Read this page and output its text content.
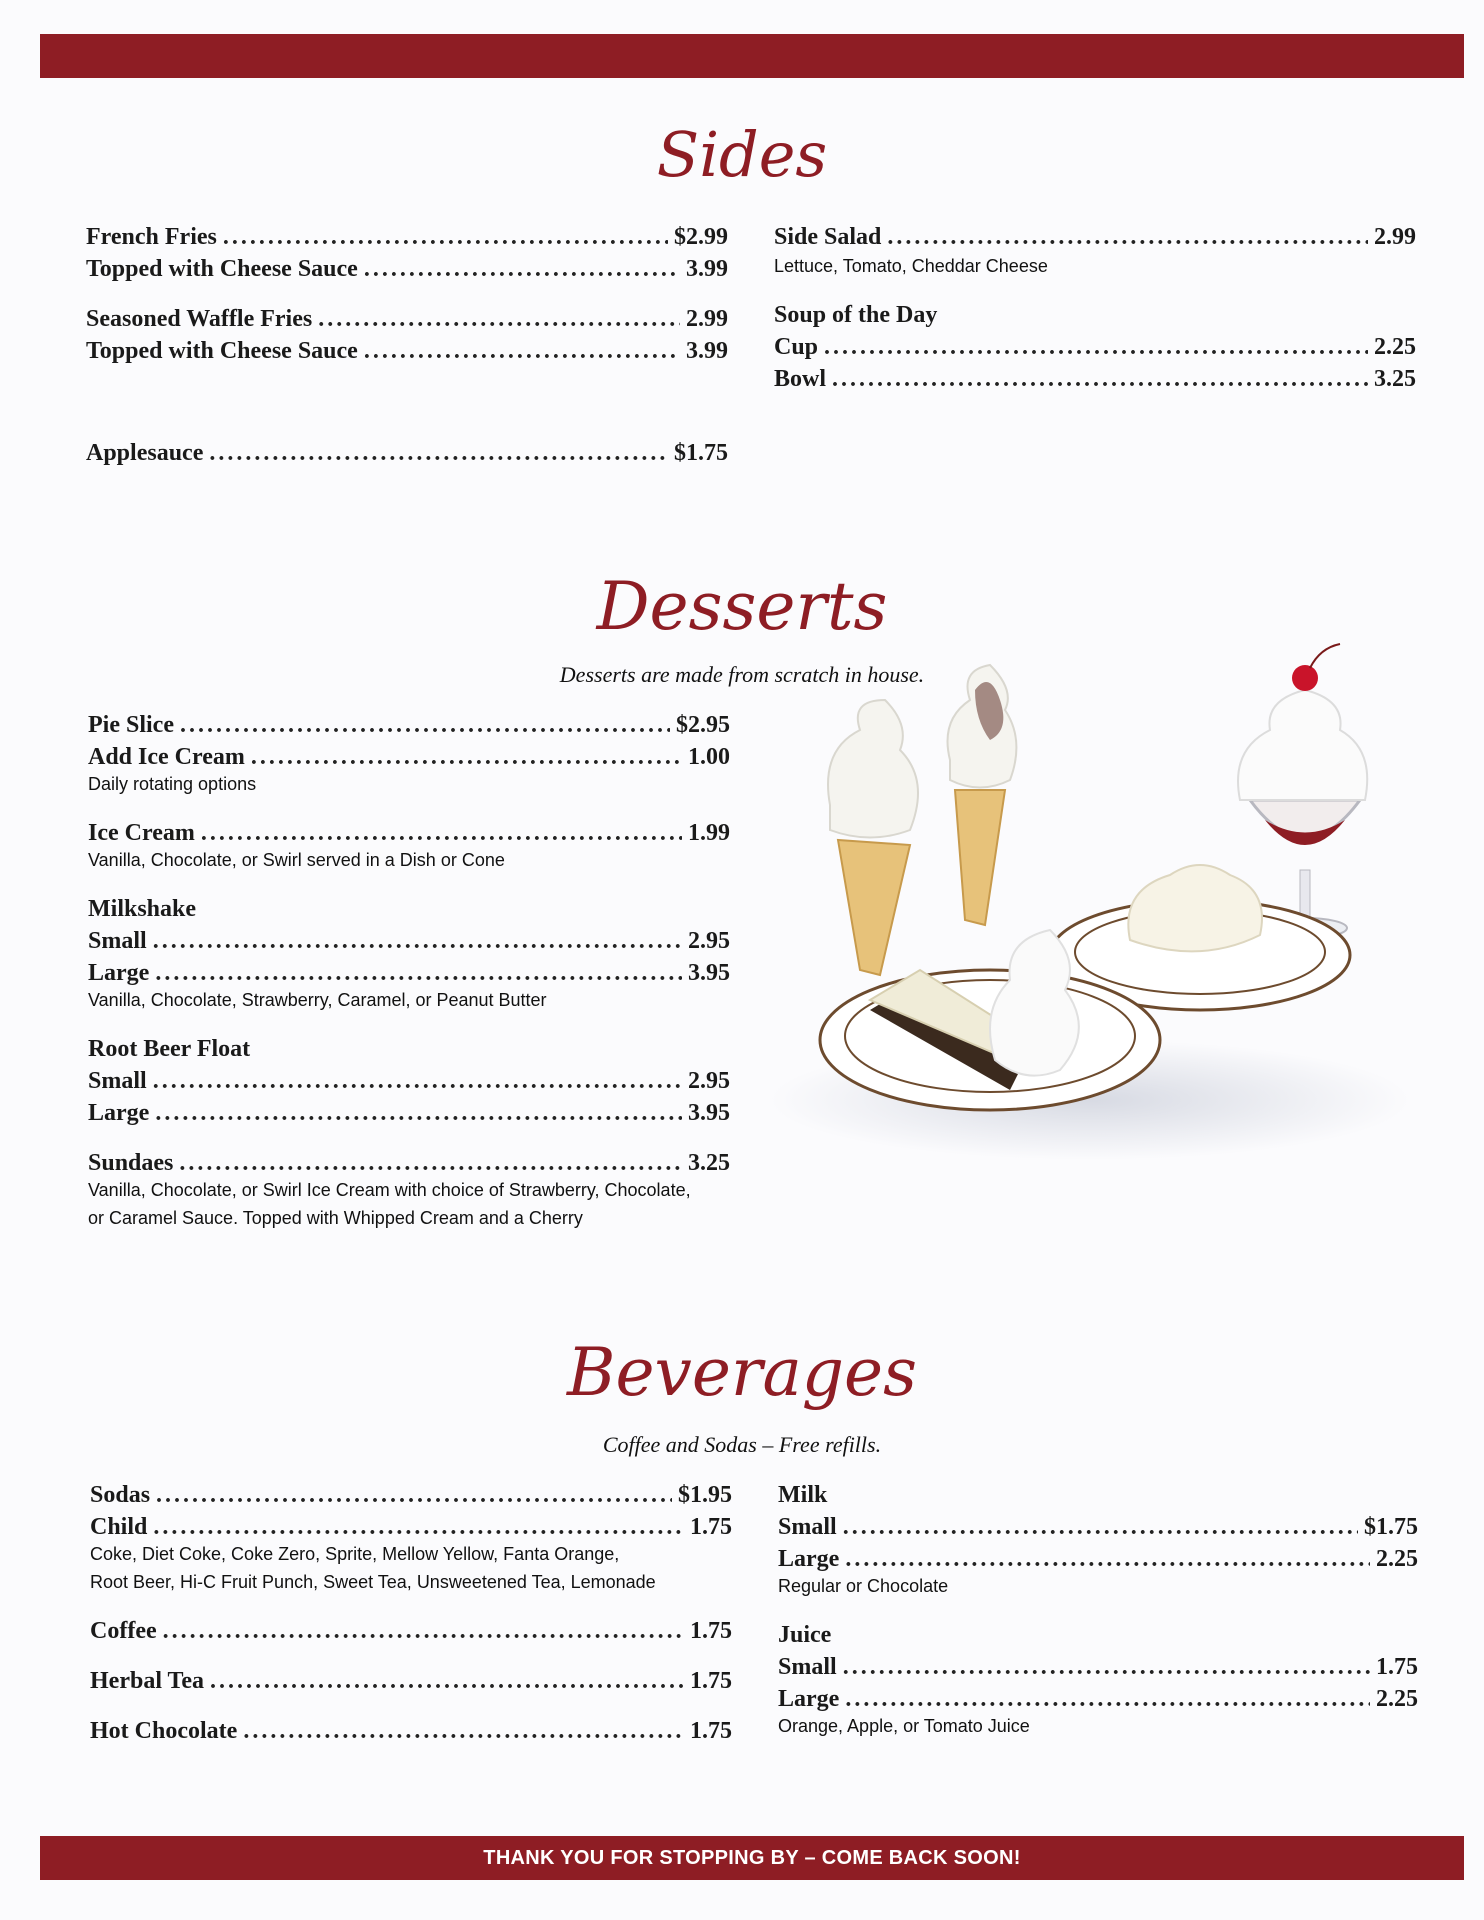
Sides
French Fries .....	$2.99
Topped with Cheese Sauce .....	3.99
Seasoned Waffle Fries .....	2.99
Topped with Cheese Sauce .....	3.99
Applesauce .....	$1.75
Side Salad .....	2.99
Lettuce, Tomato, Cheddar Cheese
Soup of the Day
Cup .....	2.25
Bowl .....	3.25
Desserts
Desserts are made from scratch in house.
Pie Slice .....	$2.95
Add Ice Cream .....	1.00
Daily rotating options
Ice Cream .....	1.99
Vanilla, Chocolate, or Swirl served in a Dish or Cone
Milkshake
Small .....	2.95
Large .....	3.95
Vanilla, Chocolate, Strawberry, Caramel, or Peanut Butter
Root Beer Float
Small .....	2.95
Large .....	3.95
Sundaes .....	3.25
Vanilla, Chocolate, or Swirl Ice Cream with choice of Strawberry, Chocolate,
or Caramel Sauce. Topped with Whipped Cream and a Cherry
Beverages
Coffee and Sodas – Free refills.
Sodas .....	$1.95
Child .....	1.75
Coke, Diet Coke, Coke Zero, Sprite, Mellow Yellow, Fanta Orange,
Root Beer, Hi-C Fruit Punch, Sweet Tea, Unsweetened Tea, Lemonade
Coffee .....	1.75
Herbal Tea .....	1.75
Hot Chocolate .....	1.75
Milk
Small .....	$1.75
Large .....	2.25
Regular or Chocolate
Juice
Small .....	1.75
Large .....	2.25
Orange, Apple, or Tomato Juice
THANK YOU FOR STOPPING BY – COME BACK SOON!
